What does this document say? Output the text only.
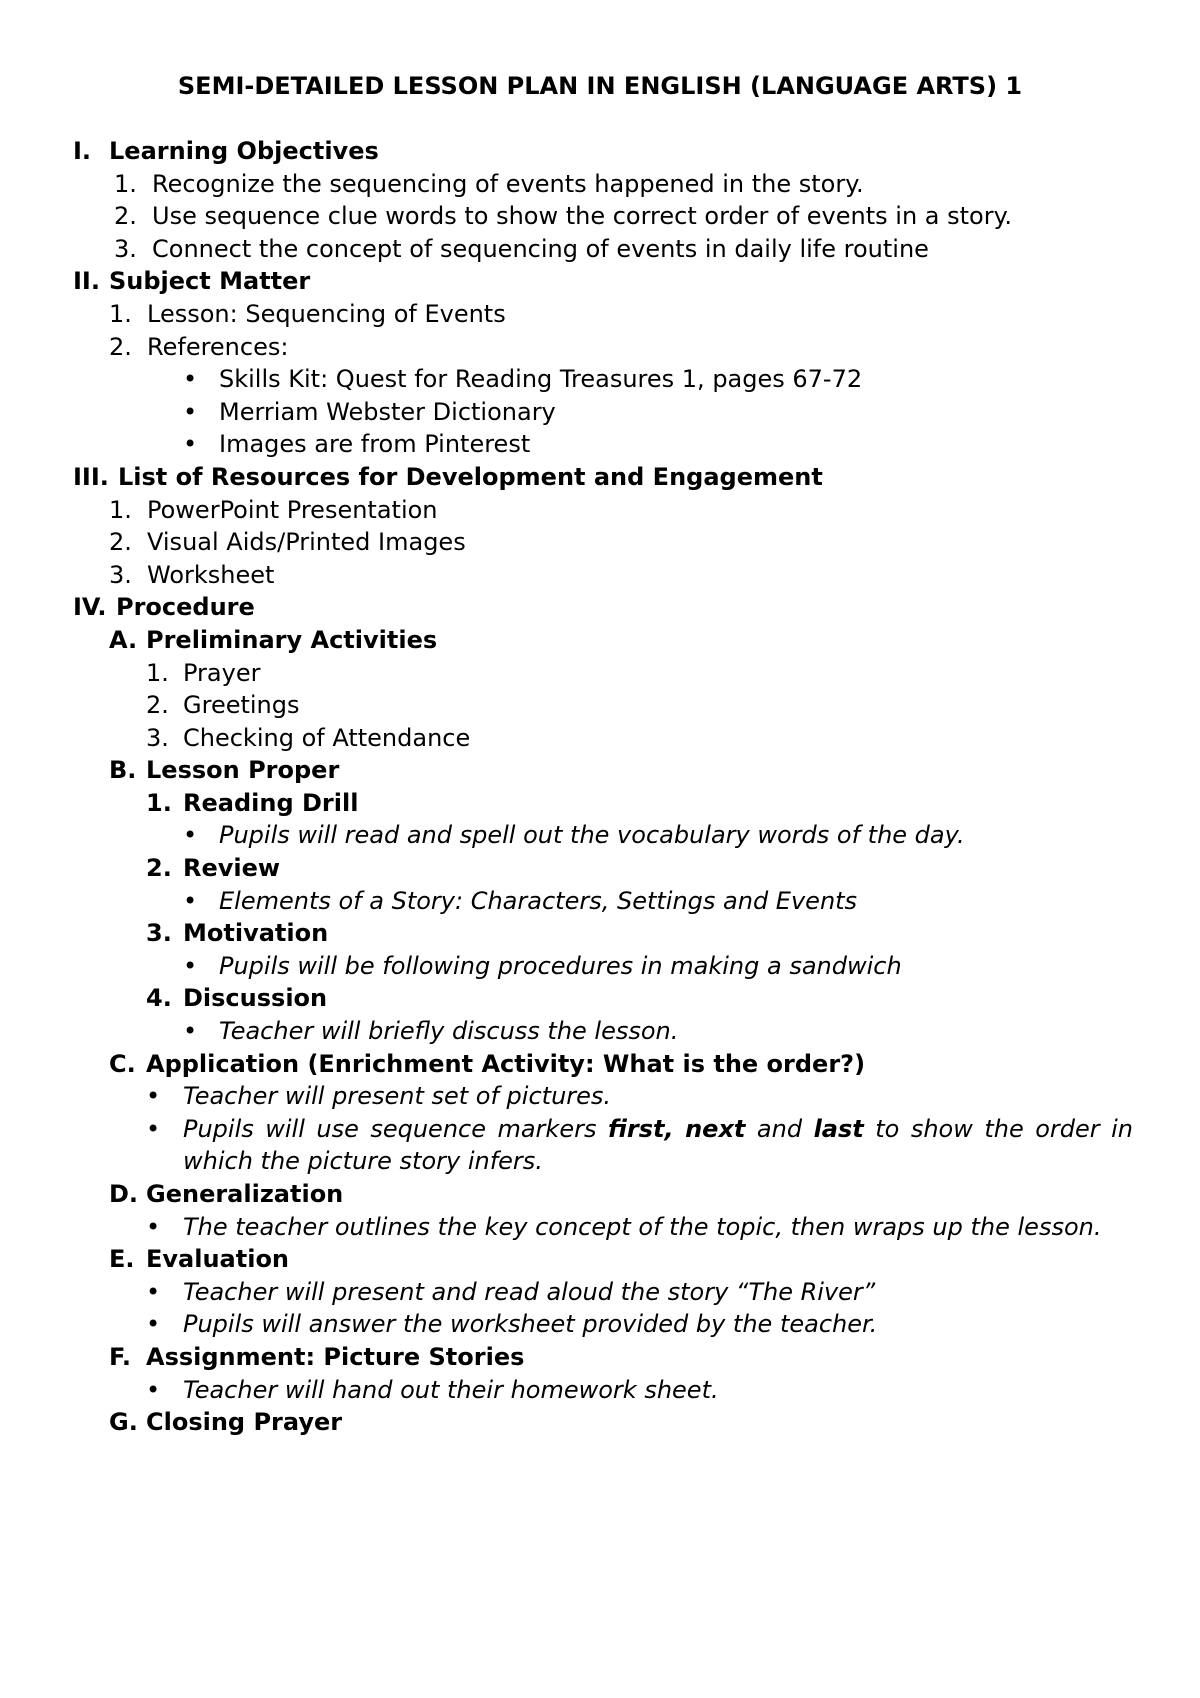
SEMI-DETAILED LESSON PLAN IN ENGLISH (LANGUAGE ARTS) 1
I. Learning Objectives
1. Recognize the sequencing of events happened in the story.
2. Use sequence clue words to show the correct order of events in a story.
3. Connect the concept of sequencing of events in daily life routine
II. Subject Matter
1. Lesson: Sequencing of Events
2. References:
• Skills Kit: Quest for Reading Treasures 1, pages 67-72
• Merriam Webster Dictionary
• Images are from Pinterest
III. List of Resources for Development and Engagement
1. PowerPoint Presentation
2. Visual Aids/Printed Images
3. Worksheet
IV. Procedure
A. Preliminary Activities
1. Prayer
2. Greetings
3. Checking of Attendance
B. Lesson Proper
1. Reading Drill
• Pupils will read and spell out the vocabulary words of the day.
2. Review
• Elements of a Story: Characters, Settings and Events
3. Motivation
• Pupils will be following procedures in making a sandwich
4. Discussion
• Teacher will briefly discuss the lesson.
C. Application (Enrichment Activity: What is the order?)
• Teacher will present set of pictures.
• Pupils will use sequence markers first, next and last to show the order in which the picture story infers.
D. Generalization
• The teacher outlines the key concept of the topic, then wraps up the lesson.
E. Evaluation
• Teacher will present and read aloud the story “The River”
• Pupils will answer the worksheet provided by the teacher.
F. Assignment: Picture Stories
• Teacher will hand out their homework sheet.
G. Closing Prayer
